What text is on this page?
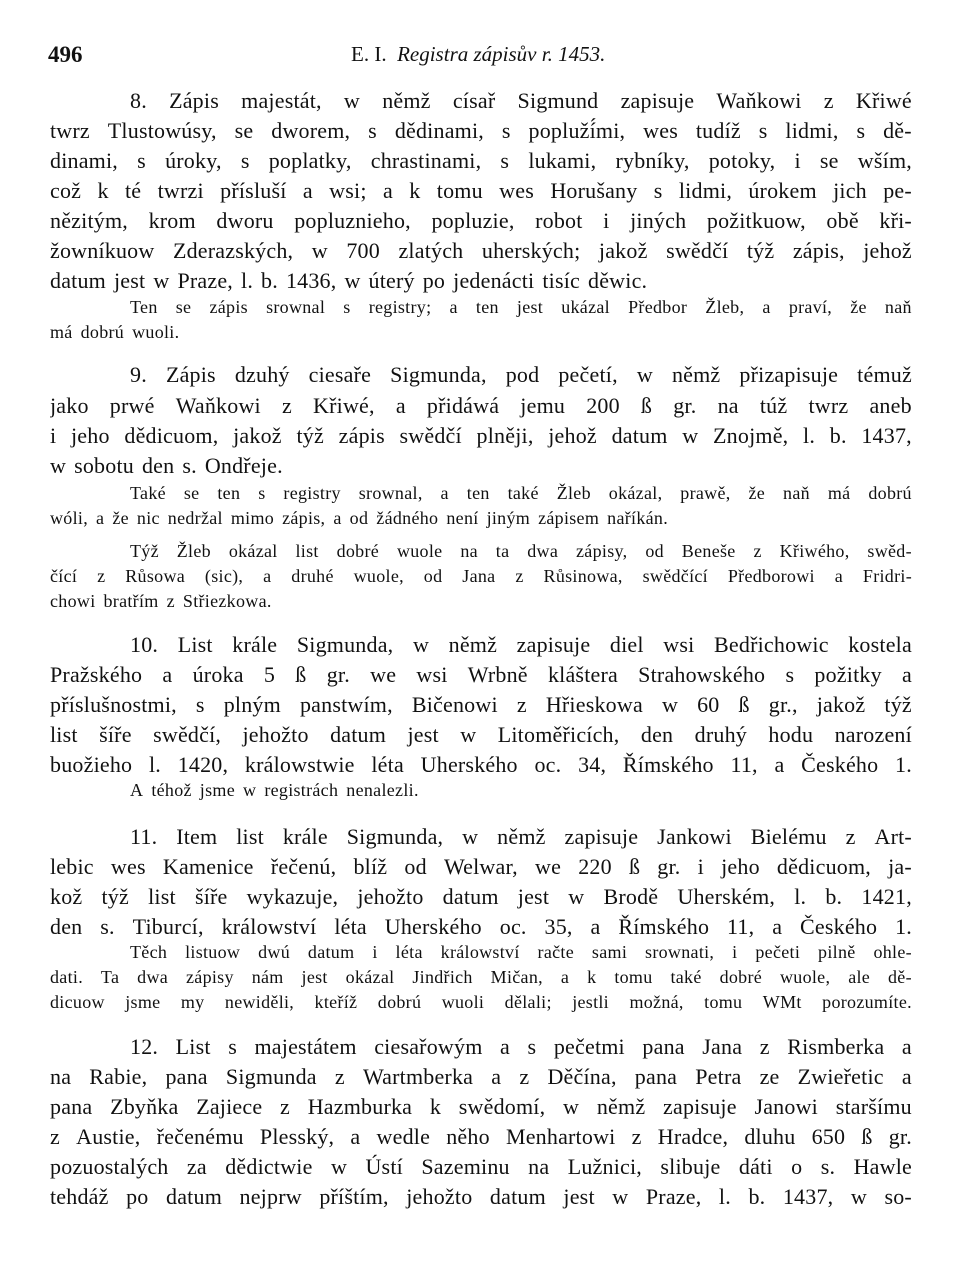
496	E. I. Registra zápisův r. 1453.
8. Zápis majestát, w němž císař Sigmund zapisuje Waňkowi z Křiwé
twrz Tlustowúsy, se dworem, s dědinami, s popluží́mi, wes tudíž s lidmi, s dě-
dinami, s úroky, s poplatky, chrastinami, s lukami, rybníky, potoky, i se wším,
což k té twrzi přísluší a wsi; a k tomu wes Horušany s lidmi, úrokem jich pe-
nězitým, krom dworu popluznieho, popluzie, robot i jiných požitkuow, obě kři-
žowníkuow Zderazských, w 700 zlatých uherských; jakož swědčí týž zápis, jehož
datum jest w Praze, l. b. 1436, w úterý po jedenácti tisíc děwic.
Ten se zápis srownal s registry; a ten jest ukázal Předbor Žleb, a praví, že naň
má dobrú wuoli.
9. Zápis dzuhý ciesaře Sigmunda, pod pečetí, w němž přizapisuje témuž
jako prwé Waňkowi z Křiwé, a přidáwá jemu 200 ß gr. na túž twrz aneb
i jeho dědicuom, jakož týž zápis swědčí plněji, jehož datum w Znojmě, l. b. 1437,
w sobotu den s. Ondřeje.
Také se ten s registry srownal, a ten také Žleb okázal, prawě, že naň má dobrú
wóli, a že nic nedržal mimo zápis, a od žádného není jiným zápisem naříkán.
Týž Žleb okázal list dobré wuole na ta dwa zápisy, od Beneše z Křiwého, swěd-
čící z Růsowa (sic), a druhé wuole, od Jana z Růsinowa, swědčící Předborowi a Fridri-
chowi bratřím z Střiezkowa.
10. List krále Sigmunda, w němž zapisuje diel wsi Bedřichowic kostela
Pražského a úroka 5 ß gr. we wsi Wrbně kláštera Strahowského s požitky a
příslušnostmi, s plným panstwím, Bičenowi z Hřieskowa w 60 ß gr., jakož týž
list šíře swědčí, jehožto datum jest w Litoměřicích, den druhý hodu narození
buožieho l. 1420, králowstwie léta Uherského oc. 34, Římského 11, a Českého 1.
A téhož jsme w registrách nenalezli.
11. Item list krále Sigmunda, w němž zapisuje Jankowi Bielému z Art-
lebic wes Kamenice řečenú, blíž od Welwar, we 220 ß gr. i jeho dědicuom, ja-
kož týž list šíře wykazuje, jehožto datum jest w Brodě Uherském, l. b. 1421,
den s. Tiburcí, králowství léta Uherského oc. 35, a Římského 11, a Českého 1.
Těch listuow dwú datum i léta králowství račte sami srownati, i pečeti pilně ohle-
dati. Ta dwa zápisy nám jest okázal Jindřich Mičan, a k tomu také dobré wuole, ale dě-
dicuow jsme my newiděli, kteříž dobrú wuoli dělali; jestli možná, tomu WMt porozumíte.
12. List s majestátem ciesařowým a s pečetmi pana Jana z Rismberka a
na Rabie, pana Sigmunda z Wartmberka a z Děčína, pana Petra ze Zwiеřetic a
pana Zbyňka Zajiece z Hazmburka k swědomí, w němž zapisuje Janowi staršímu
z Austie, řečenému Plesský, a wedle něho Menhartowi z Hradce, dluhu 650 ß gr.
pozuostalých za dědictwie w Ústí Sazeminu na Lužnici, slibuje dáti o s. Hawle
tehdáž po datum nejprw příštím, jehožto datum jest w Praze, l. b. 1437, w so-
